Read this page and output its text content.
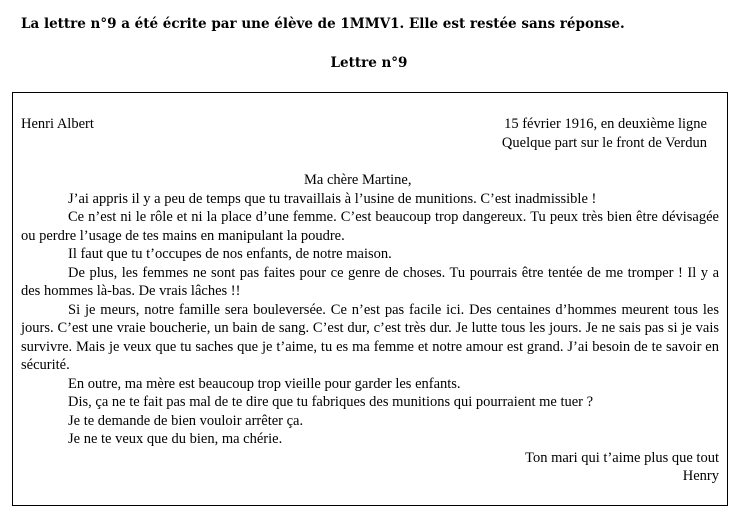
La lettre n°9 a été écrite par une élève de 1MMV1. Elle est restée sans réponse.
Lettre n°9
Henri Albert	15 février 1916, en deuxième ligne
Quelque part sur le front de Verdun
Ma chère Martine,

J’ai appris il y a peu de temps que tu travaillais à l’usine de munitions. C’est inadmissible !

Ce n’est ni le rôle et ni la place d’une femme. C’est beaucoup trop dangereux. Tu peux très bien être dévisagée ou perdre l’usage de tes mains en manipulant la poudre.

Il faut que tu t’occupes de nos enfants, de notre maison.

De plus, les femmes ne sont pas faites pour ce genre de choses. Tu pourrais être tentée de me tromper ! Il y a des hommes là-bas. De vrais lâches !!

Si je meurs, notre famille sera bouleversée. Ce n’est pas facile ici. Des centaines d’hommes meurent tous les jours. C’est une vraie boucherie, un bain de sang. C’est dur, c’est très dur. Je lutte tous les jours. Je ne sais pas si je vais survivre. Mais je veux que tu saches que je t’aime, tu es ma femme et notre amour est grand. J’ai besoin de te savoir en sécurité.

En outre, ma mère est beaucoup trop vieille pour garder les enfants.

Dis, ça ne te fait pas mal de te dire que tu fabriques des munitions qui pourraient me tuer ?

Je te demande de bien vouloir arrêter ça.

Je ne te veux que du bien, ma chérie.

Ton mari qui t’aime plus que tout
Henry
